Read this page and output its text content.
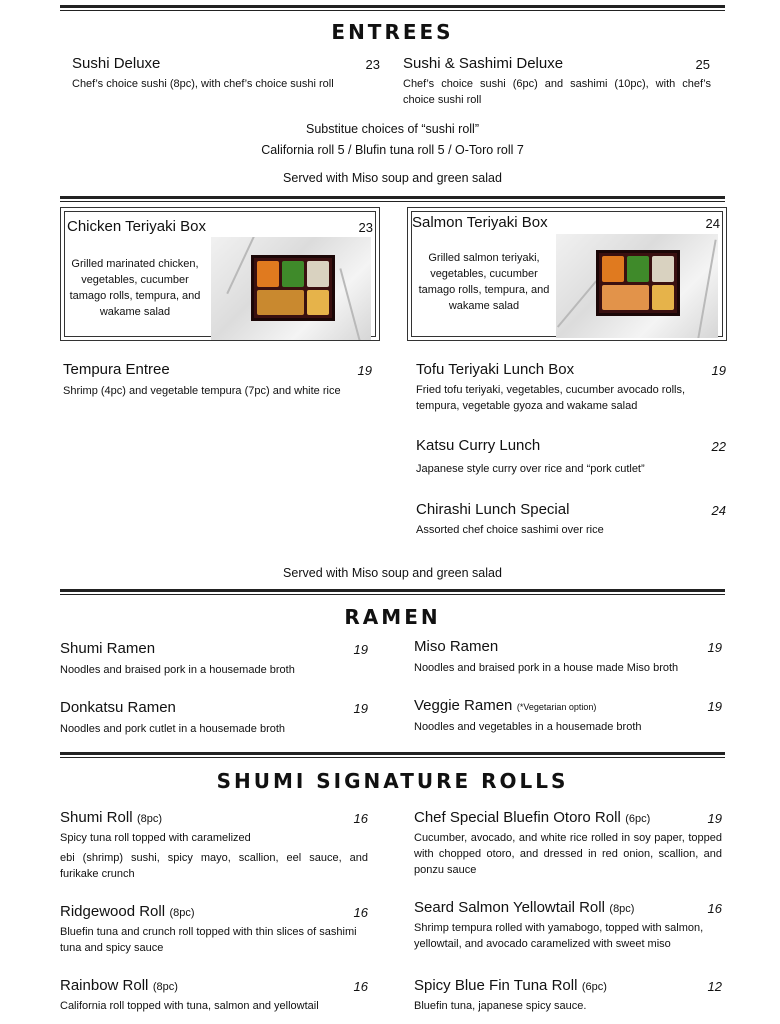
ENTREES
Sushi Deluxe	23
Chef’s choice sushi (8pc), with chef’s choice sushi roll
Sushi & Sashimi Deluxe	25
Chef’s choice sushi (6pc) and sashimi (10pc), with chef’s choice sushi roll
Substitue choices of “sushi roll”
California roll 5 / Blufin tuna roll 5 / O-Toro roll 7
Served with Miso soup and green salad
Chicken Teriyaki Box	23
Grilled marinated chicken, vegetables, cucumber tamago rolls, tempura, and wakame salad
Salmon Teriyaki Box	24
Grilled salmon teriyaki, vegetables, cucumber tamago rolls, tempura, and wakame salad
Tempura Entree	19
Shrimp (4pc) and vegetable tempura (7pc) and white rice
Tofu Teriyaki Lunch Box	19
Fried tofu teriyaki, vegetables, cucumber avocado rolls, tempura, vegetable gyoza and wakame salad
Katsu Curry Lunch	22
Japanese style curry over rice and “pork cutlet”
Chirashi Lunch Special	24
Assorted chef choice sashimi over rice
Served with Miso soup and green salad
RAMEN
Shumi Ramen	19
Noodles and braised pork in a housemade broth
Miso Ramen	19
Noodles and braised pork in a house made Miso broth
Donkatsu Ramen	19
Noodles and pork cutlet in a housemade broth
Veggie Ramen (*Vegetarian option)	19
Noodles and vegetables in a housemade broth
SHUMI SIGNATURE ROLLS
Shumi Roll (8pc)	16
Spicy tuna roll topped with caramelized
ebi (shrimp) sushi, spicy mayo, scallion, eel sauce, and furikake crunch
Chef Special Bluefin Otoro Roll (6pc)	19
Cucumber, avocado, and white rice rolled in soy paper, topped with chopped otoro, and dressed in red onion, scallion, and ponzu sauce
Ridgewood Roll (8pc)	16
Bluefin tuna and crunch roll topped with thin slices of sashimi tuna and spicy sauce
Seard Salmon Yellowtail Roll (8pc)	16
Shrimp tempura rolled with yamabogo, topped with salmon, yellowtail, and avocado caramelized with sweet miso
Rainbow Roll (8pc)	16
California roll topped with tuna, salmon and yellowtail
Spicy Blue Fin Tuna Roll (6pc)	12
Bluefin tuna, japanese spicy sauce.
